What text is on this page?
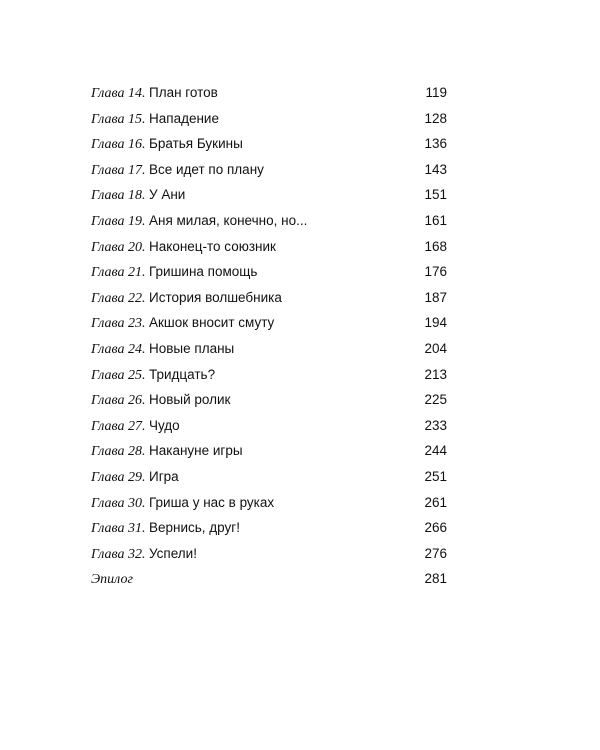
Глава 14. План готов . . .	119
Глава 15. Нападение . . .	128
Глава 16. Братья Букины . . .	136
Глава 17. Все идет по плану . . .	143
Глава 18. У Ани . . .	151
Глава 19. Аня милая, конечно, но... . . .	161
Глава 20. Наконец-то союзник . . .	168
Глава 21. Гришина помощь . . .	176
Глава 22. История волшебника . . .	187
Глава 23. Акшок вносит смуту . . .	194
Глава 24. Новые планы . . .	204
Глава 25. Тридцать? . . .	213
Глава 26. Новый ролик . . .	225
Глава 27. Чудо . . .	233
Глава 28. Накануне игры . . .	244
Глава 29. Игра . . .	251
Глава 30. Гриша у нас в руках . . .	261
Глава 31. Вернись, друг! . . .	266
Глава 32. Успели! . . .	276
Эпилог . . .	281
